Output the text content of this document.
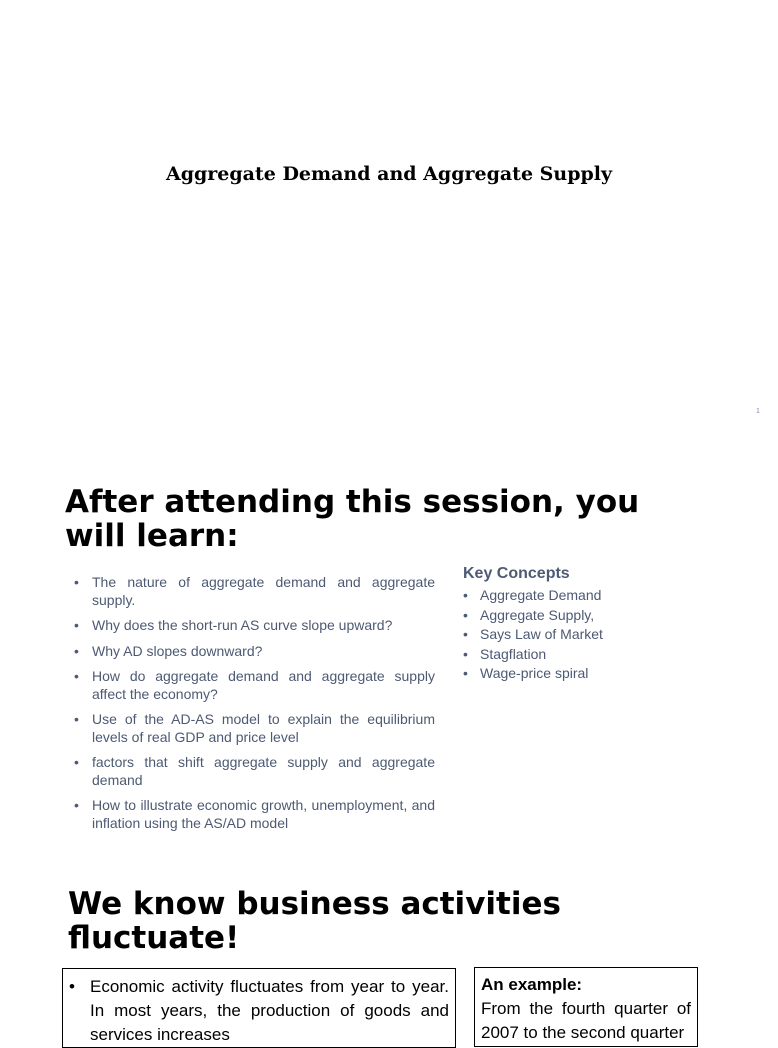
Aggregate Demand and Aggregate Supply
1
After attending this session, you will learn:
• The nature of aggregate demand and aggregate supply.
• Why does the short-run AS curve slope upward?
• Why AD slopes downward?
• How do aggregate demand and aggregate supply affect the economy?
• Use of the AD-AS model to explain the equilibrium levels of real GDP and price level
• factors that shift aggregate supply and aggregate demand
• How to illustrate economic growth, unemployment, and inflation using the AS/AD model
Key Concepts
• Aggregate Demand
• Aggregate Supply,
• Says Law of Market
• Stagflation
• Wage-price spiral
We know business activities fluctuate!
• Economic activity fluctuates from year to year. In most years, the production of goods and services increases
An example:
From the fourth quarter of 2007 to the second quarter
